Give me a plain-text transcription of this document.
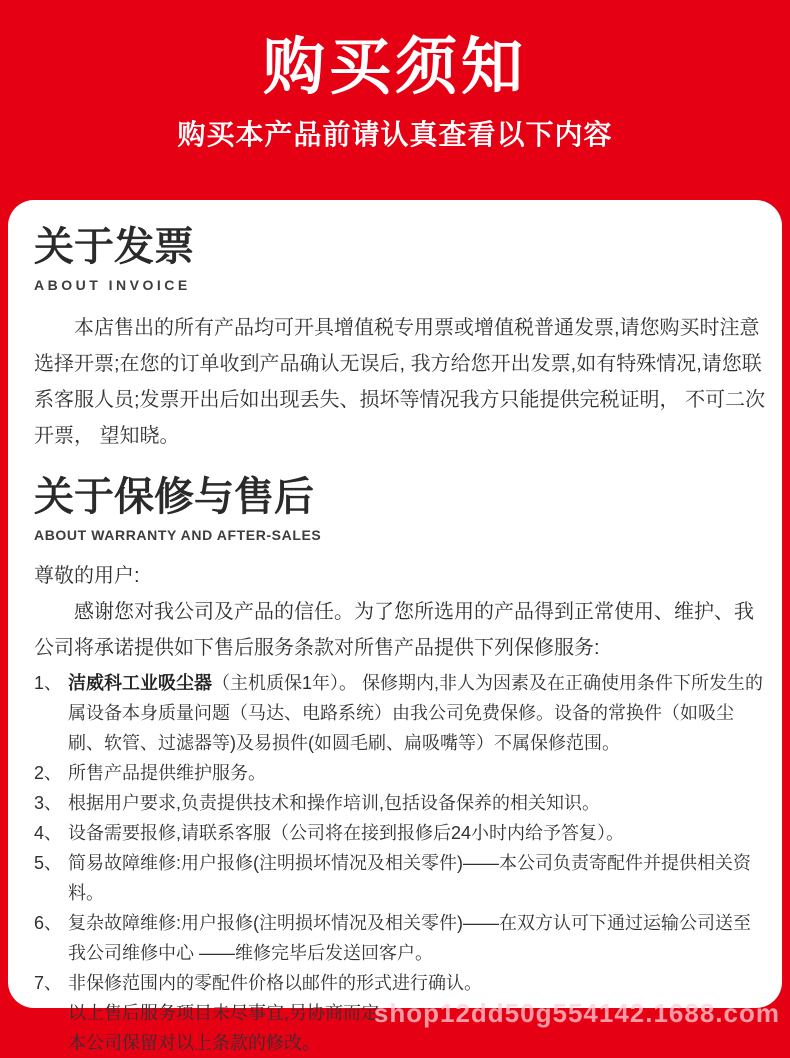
购买须知

购买本产品前请认真查看以下内容

关于发票

ABOUT INVOICE

本店售出的所有产品均可开具增值税专用票或增值税普通发票,请您购买时注意选择开票;在您的订单收到产品确认无误后, 我方给您开出发票,如有特殊情况,请您联系客服人员;发票开出后如出现丢失、损坏等情况我方只能提供完税证明， 不可二次开票， 望知晓。

关于保修与售后

ABOUT WARRANTY AND AFTER-SALES

尊敬的用户:

感谢您对我公司及产品的信任。为了您所选用的产品得到正常使用、维护、我公司将承诺提供如下售后服务条款对所售产品提供下列保修服务:

1、 洁威科工业吸尘器（主机质保1年）。 保修期内,非人为因素及在正确使用条件下所发生的属设备本身质量问题（马达、电路系统）由我公司免费保修。设备的常换件（如吸尘刷、软管、过滤器等)及易损件(如圆毛刷、扁吸嘴等）不属保修范围。
2、 所售产品提供维护服务。
3、 根据用户要求,负责提供技术和操作培训,包括设备保养的相关知识。
4、 设备需要报修,请联系客服（公司将在接到报修后24小时内给予答复）。
5、 简易故障维修:用户报修(注明损坏情况及相关零件)——本公司负责寄配件并提供相关资料。
6、 复杂故障维修:用户报修(注明损坏情况及相关零件)——在双方认可下通过运输公司送至我公司维修中心 ——维修完毕后发送回客户。
7、 非保修范围内的零配件价格以邮件的形式进行确认。

以上售后服务项目未尽事宜,另协商而定。

本公司保留对以上条款的修改。

shop12dd50g554142.1688.com
